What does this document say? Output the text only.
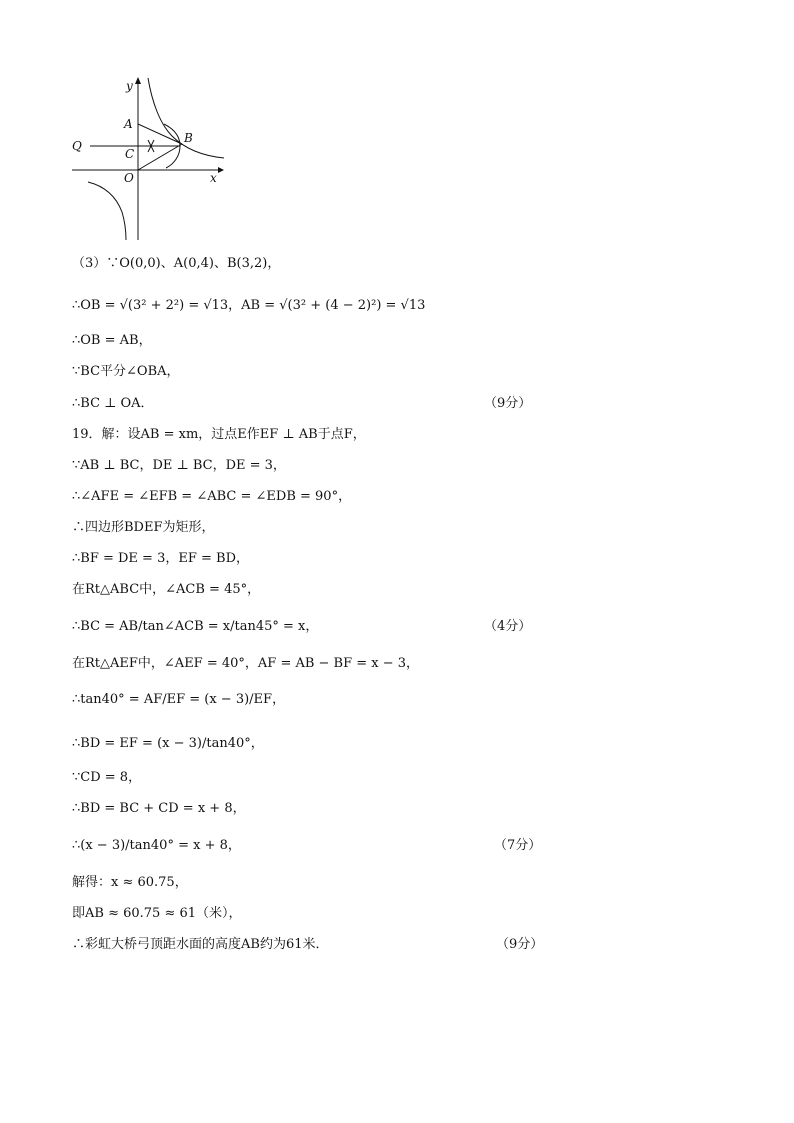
y
A
B
Q
C
O	x
（3）∵O(0,0)、A(0,4)、B(3,2)，
∴OB = √(3² + 2²) = √13，AB = √(3² + (4 − 2)²) = √13
∴OB = AB，
∵BC平分∠OBA，
∴BC ⊥ OA．	（9分）
19．解：设AB = xm，过点E作EF ⊥ AB于点F，
∵AB ⊥ BC，DE ⊥ BC，DE = 3，
∴∠AFE = ∠EFB = ∠ABC = ∠EDB = 90°，
∴四边形BDEF为矩形，
∴BF = DE = 3，EF = BD，
在Rt△ABC中，∠ACB = 45°，
∴BC = AB/tan∠ACB = x/tan45° = x，	（4分）
在Rt△AEF中，∠AEF = 40°，AF = AB − BF = x − 3，
∴tan40° = AF/EF = (x − 3)/EF，
∴BD = EF = (x − 3)/tan40°，
∵CD = 8，
∴BD = BC + CD = x + 8，
∴(x − 3)/tan40° = x + 8，	（7分）
解得：x ≈ 60.75，
即AB ≈ 60.75 ≈ 61（米），
∴彩虹大桥弓顶距水面的高度AB约为61米．	（9分）
